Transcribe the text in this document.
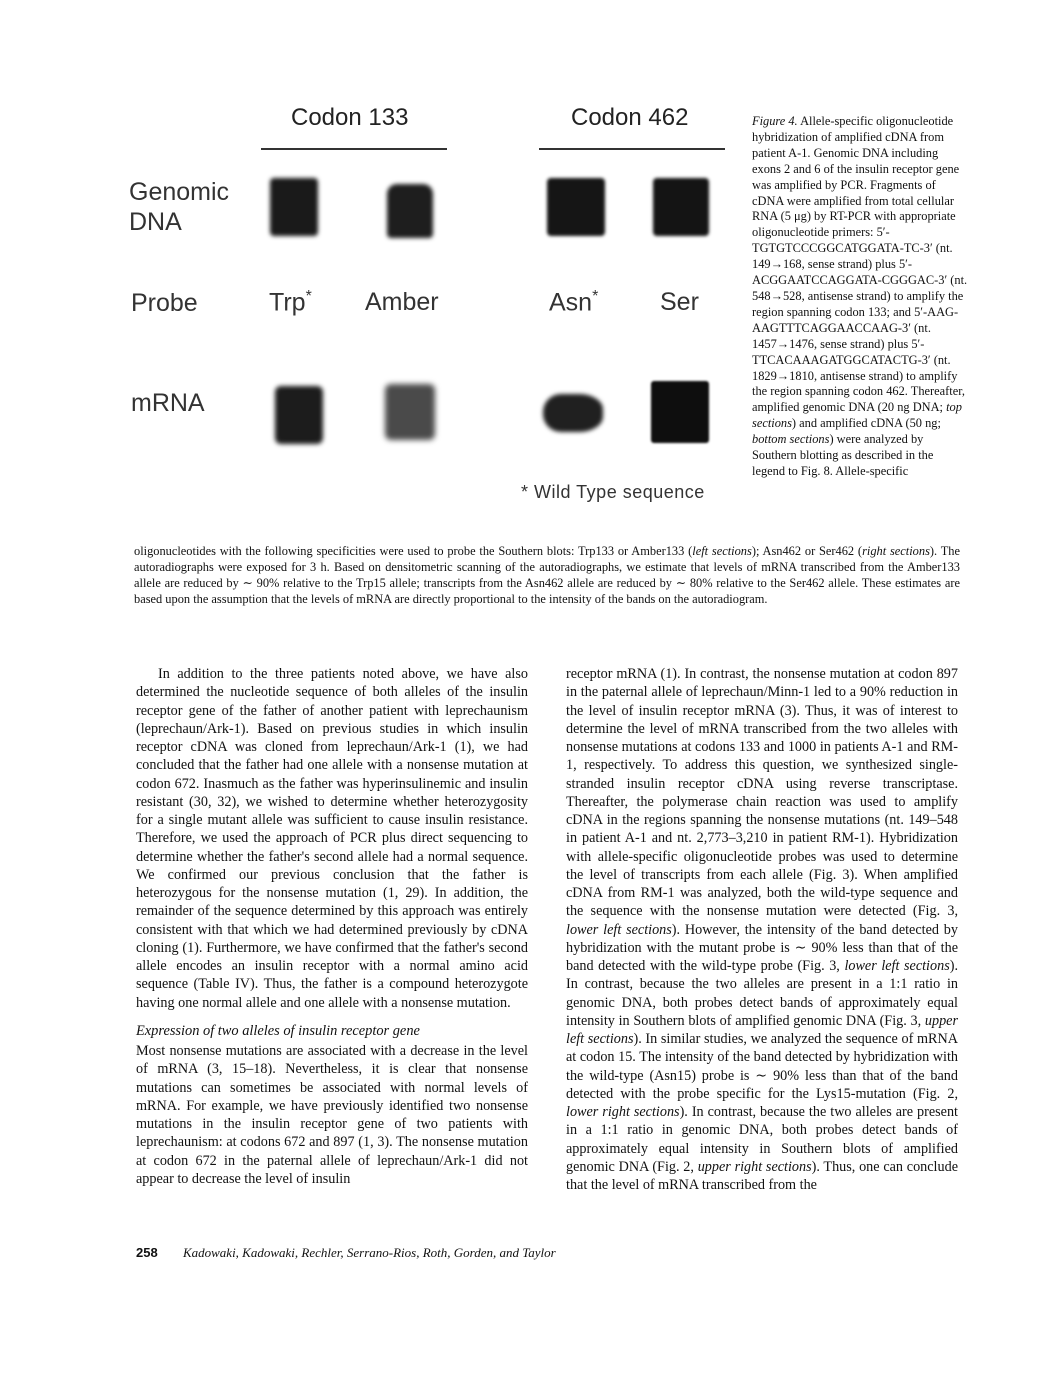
Codon 133	Codon 462
Genomic
DNA
Probe
mRNA
Trp* Amber	Asn* Ser
* Wild Type sequence
Figure 4. Allele-specific oligonucleotide hybridization of amplified cDNA from patient A-1. Genomic DNA including exons 2 and 6 of the insulin receptor gene was amplified by PCR. Fragments of cDNA were amplified from total cellular RNA (5 μg) by RT-PCR with appropriate oligonucleotide primers: 5′-TGTGTCCCGGCATGGATA-TC-3′ (nt. 149→168, sense strand) plus 5′-ACGGAATCCAGGATA-CGGGAC-3′ (nt. 548→528, antisense strand) to amplify the region spanning codon 133; and 5′-AAG-AAGTTTCAGGAACCAAG-3′ (nt. 1457→1476, sense strand) plus 5′-TTCACAAAGATGGCATACTG-3′ (nt. 1829→1810, antisense strand) to amplify the region spanning codon 462. Thereafter, amplified genomic DNA (20 ng DNA; top sections) and amplified cDNA (50 ng; bottom sections) were analyzed by Southern blotting as described in the legend to Fig. 8. Allele-specific
oligonucleotides with the following specificities were used to probe the Southern blots: Trp133 or Amber133 (left sections); Asn462 or Ser462 (right sections). The autoradiographs were exposed for 3 h. Based on densitometric scanning of the autoradiographs, we estimate that levels of mRNA transcribed from the Amber133 allele are reduced by ∼ 90% relative to the Trp15 allele; transcripts from the Asn462 allele are reduced by ∼ 80% relative to the Ser462 allele. These estimates are based upon the assumption that the levels of mRNA are directly proportional to the intensity of the bands on the autoradiogram.

In addition to the three patients noted above, we have also determined the nucleotide sequence of both alleles of the insulin receptor gene of the father of another patient with leprechaunism (leprechaun/Ark-1). Based on previous studies in which insulin receptor cDNA was cloned from leprechaun/Ark-1 (1), we had concluded that the father had one allele with a nonsense mutation at codon 672. Inasmuch as the father was hyperinsulinemic and insulin resistant (30, 32), we wished to determine whether heterozygosity for a single mutant allele was sufficient to cause insulin resistance. Therefore, we used the approach of PCR plus direct sequencing to determine whether the father's second allele had a normal sequence. We confirmed our previous conclusion that the father is heterozygous for the nonsense mutation (1, 29). In addition, the remainder of the sequence determined by this approach was entirely consistent with that which we had determined previously by cDNA cloning (1). Furthermore, we have confirmed that the father's second allele encodes an insulin receptor with a normal amino acid sequence (Table IV). Thus, the father is a compound heterozygote having one normal allele and one allele with a nonsense mutation.

Expression of two alleles of insulin receptor gene

Most nonsense mutations are associated with a decrease in the level of mRNA (3, 15–18). Nevertheless, it is clear that nonsense mutations can sometimes be associated with normal levels of mRNA. For example, we have previously identified two nonsense mutations in the insulin receptor gene of two patients with leprechaunism: at codons 672 and 897 (1, 3). The nonsense mutation at codon 672 in the paternal allele of leprechaun/Ark-1 did not appear to decrease the level of insulin

receptor mRNA (1). In contrast, the nonsense mutation at codon 897 in the paternal allele of leprechaun/Minn-1 led to a 90% reduction in the level of insulin receptor mRNA (3). Thus, it was of interest to determine the level of mRNA transcribed from the two alleles with nonsense mutations at codons 133 and 1000 in patients A-1 and RM-1, respectively. To address this question, we synthesized single-stranded insulin receptor cDNA using reverse transcriptase. Thereafter, the polymerase chain reaction was used to amplify cDNA in the regions spanning the nonsense mutations (nt. 149–548 in patient A-1 and nt. 2,773–3,210 in patient RM-1). Hybridization with allele-specific oligonucleotide probes was used to determine the level of transcripts from each allele (Fig. 3). When amplified cDNA from RM-1 was analyzed, both the wild-type sequence and the sequence with the nonsense mutation were detected (Fig. 3, lower left sections). However, the intensity of the band detected by hybridization with the mutant probe is ∼ 90% less than that of the band detected with the wild-type probe (Fig. 3, lower left sections). In contrast, because the two alleles are present in a 1:1 ratio in genomic DNA, both probes detect bands of approximately equal intensity in Southern blots of amplified genomic DNA (Fig. 3, upper left sections). In similar studies, we analyzed the sequence of mRNA at codon 15. The intensity of the band detected by hybridization with the wild-type (Asn15) probe is ∼ 90% less than that of the band detected with the probe specific for the Lys15-mutation (Fig. 2, lower right sections). In contrast, because the two alleles are present in a 1:1 ratio in genomic DNA, both probes detect bands of approximately equal intensity in Southern blots of amplified genomic DNA (Fig. 2, upper right sections). Thus, one can conclude that the level of mRNA transcribed from the

258 Kadowaki, Kadowaki, Rechler, Serrano-Rios, Roth, Gorden, and Taylor
